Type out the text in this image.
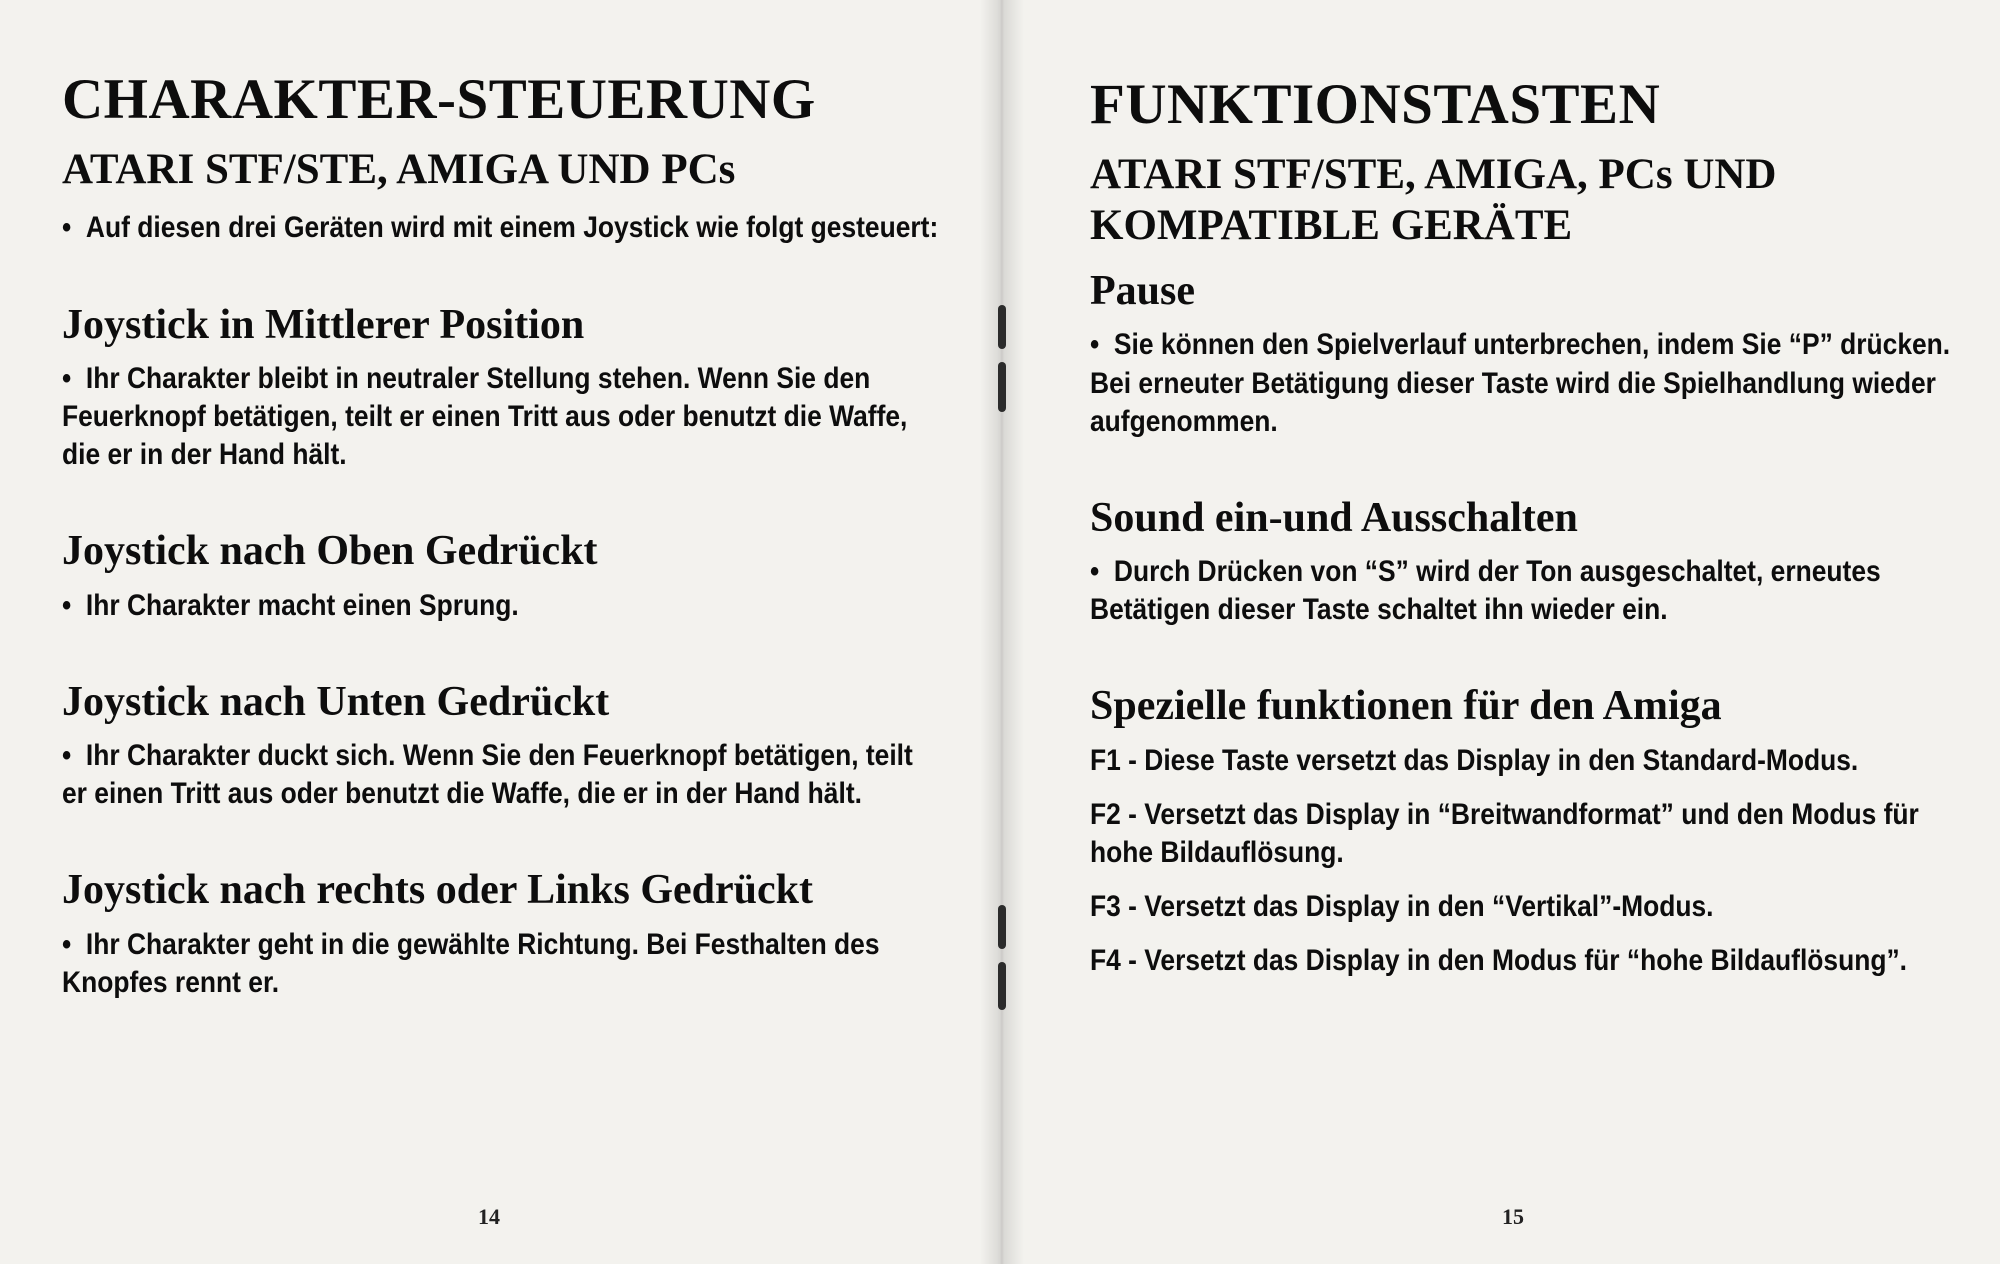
CHARAKTER-STEUERUNG
ATARI STF/STE, AMIGA UND PCs
•  Auf diesen drei Geräten wird mit einem Joystick wie folgt gesteuert:
Joystick in Mittlerer Position
•  Ihr Charakter bleibt in neutraler Stellung stehen. Wenn Sie den Feuerknopf betätigen, teilt er einen Tritt aus oder benutzt die Waffe, die er in der Hand hält.
Joystick nach Oben Gedrückt
•  Ihr Charakter macht einen Sprung.
Joystick nach Unten Gedrückt
•  Ihr Charakter duckt sich. Wenn Sie den Feuerknopf betätigen, teilt er einen Tritt aus oder benutzt die Waffe, die er in der Hand hält.
Joystick nach rechts oder Links Gedrückt
•  Ihr Charakter geht in die gewählte Richtung. Bei Festhalten des Knopfes rennt er.
FUNKTIONSTASTEN
ATARI STF/STE, AMIGA, PCs UND KOMPATIBLE GERÄTE
Pause
•  Sie können den Spielverlauf unterbrechen, indem Sie “P” drücken. Bei erneuter Betätigung dieser Taste wird die Spielhandlung wieder aufgenommen.
Sound ein-und Ausschalten
•  Durch Drücken von “S” wird der Ton ausgeschaltet, erneutes Betätigen dieser Taste schaltet ihn wieder ein.
Spezielle funktionen für den Amiga
F1 - Diese Taste versetzt das Display in den Standard-Modus.
F2 - Versetzt das Display in “Breitwandformat” und den Modus für hohe Bildauflösung.
F3 - Versetzt das Display in den “Vertikal”-Modus.
F4 - Versetzt das Display in den Modus für “hohe Bildauflösung”.
14	15
